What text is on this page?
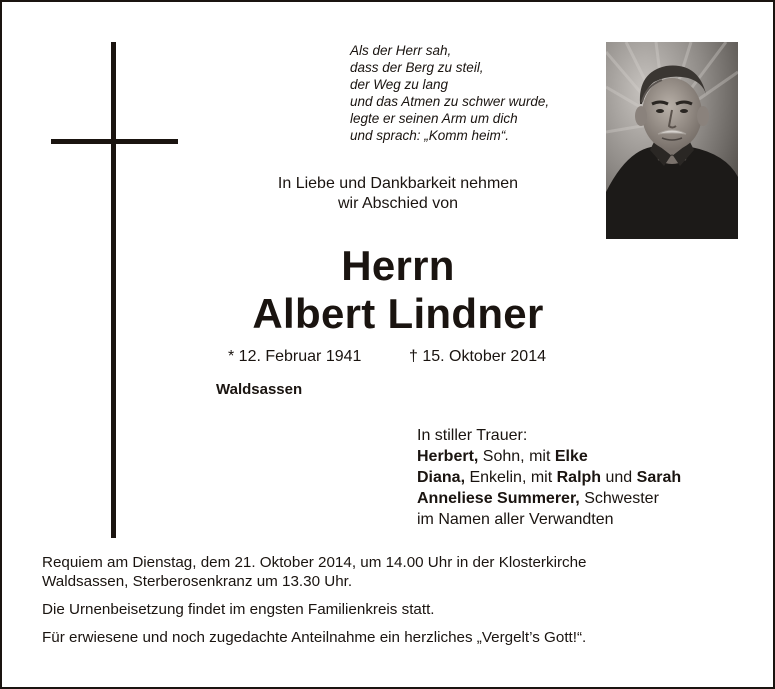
Als der Herr sah,
dass der Berg zu steil,
der Weg zu lang
und das Atmen zu schwer wurde,
legte er seinen Arm um dich
und sprach: „Komm heim“.
In Liebe und Dankbarkeit nehmen
wir Abschied von
Herrn
Albert Lindner
* 12. Februar 1941	† 15. Oktober 2014
Waldsassen
In stiller Trauer:
Herbert, Sohn, mit Elke
Diana, Enkelin, mit Ralph und Sarah
Anneliese Summerer, Schwester
im Namen aller Verwandten

Requiem am Dienstag, dem 21. Oktober 2014, um 14.00 Uhr in der Klosterkirche
Waldsassen, Sterberosenkranz um 13.30 Uhr.

Die Urnenbeisetzung findet im engsten Familienkreis statt.

Für erwiesene und noch zugedachte Anteilnahme ein herzliches „Vergelt’s Gott!“.
